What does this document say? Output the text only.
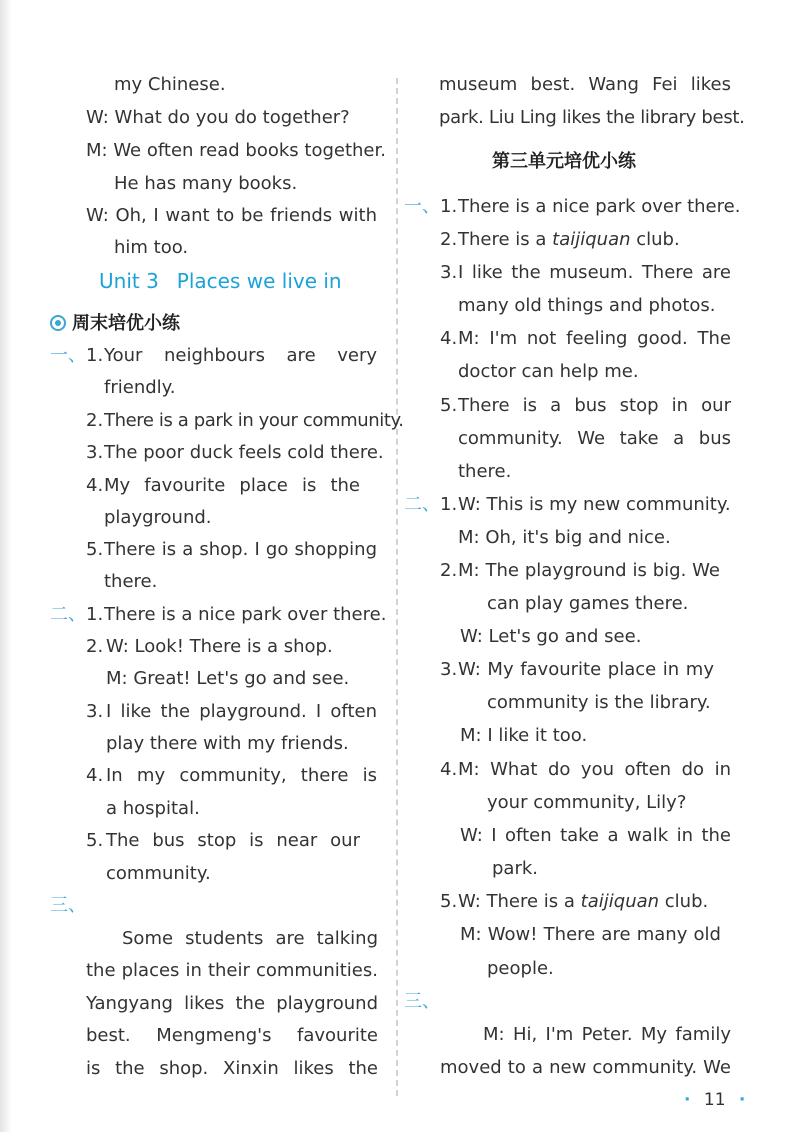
my Chinese.
W: What do you do together?
M: We often read books together.
He has many books.
W: Oh, I want to be friends with
him too.
Unit 3 Places we live in
周末培优小练
一、 1. Your neighbours are very
friendly.
2. There is a park in your community.
3. The poor duck feels cold there.
4. My favourite place is the
playground.
5. There is a shop. I go shopping
there.
二、 1. There is a nice park over there.
2. W: Look! There is a shop.
M: Great! Let's go and see.
3. I like the playground. I often
play there with my friends.
4. In my community, there is
a hospital.
5. The bus stop is near our
community.
三、
Some students are talking
the places in their communities.
Yangyang likes the playground
best. Mengmeng's favourite
is the shop. Xinxin likes the
museum best. Wang Fei likes
park. Liu Ling likes the library best.
第三单元培优小练
一、 1. There is a nice park over there.
2. There is a taijiquan club.
3. I like the museum. There are
many old things and photos.
4. M: I'm not feeling good. The
doctor can help me.
5. There is a bus stop in our
community. We take a bus
there.
二、 1. W: This is my new community.
M: Oh, it's big and nice.
2. M: The playground is big. We
can play games there.
W: Let's go and see.
3. W: My favourite place in my
community is the library.
M: I like it too.
4. M: What do you often do in
your community, Lily?
W: I often take a walk in the
park.
5. W: There is a taijiquan club.
M: Wow! There are many old
people.
三、
M: Hi, I'm Peter. My family
moved to a new community. We
· 11 ·
